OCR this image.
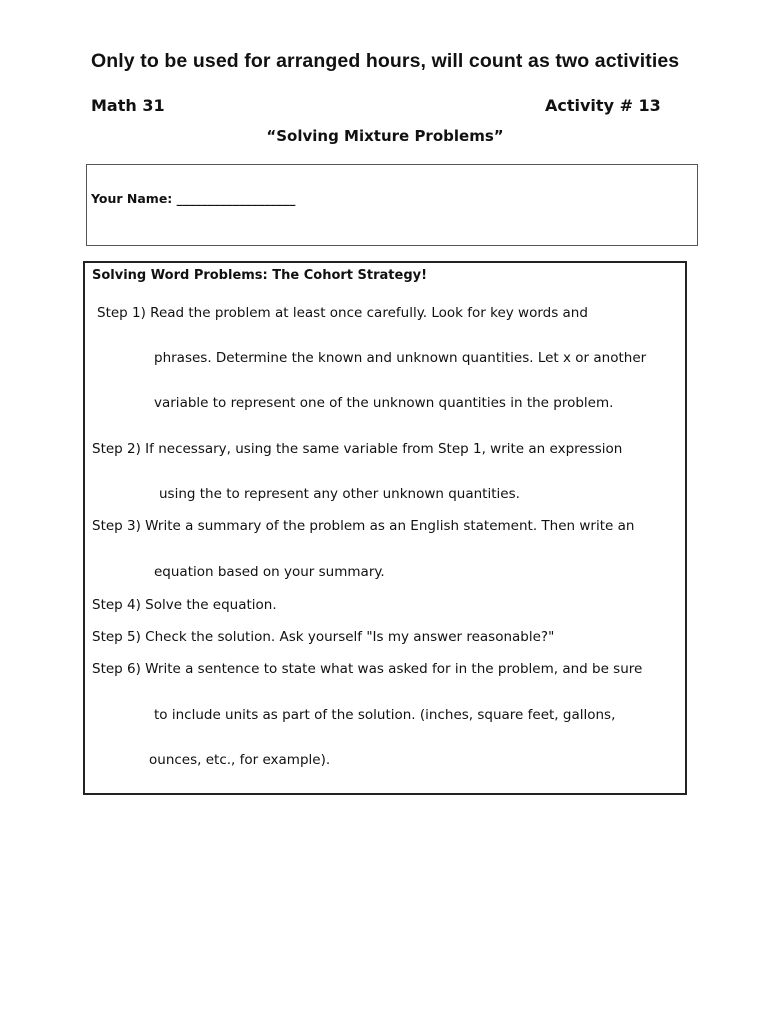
Only to be used for arranged hours, will count as two activities
Math 31	Activity # 13
“Solving Mixture Problems”
Your Name: ___________________
Solving Word Problems: The Cohort Strategy!
Step 1) Read the problem at least once carefully. Look for key words and
phrases. Determine the known and unknown quantities. Let x or another
variable to represent one of the unknown quantities in the problem.
Step 2) If necessary, using the same variable from Step 1, write an expression
using the to represent any other unknown quantities.
Step 3) Write a summary of the problem as an English statement. Then write an
equation based on your summary.
Step 4) Solve the equation.
Step 5) Check the solution. Ask yourself "Is my answer reasonable?"
Step 6) Write a sentence to state what was asked for in the problem, and be sure
to include units as part of the solution. (inches, square feet, gallons,
ounces, etc., for example).
